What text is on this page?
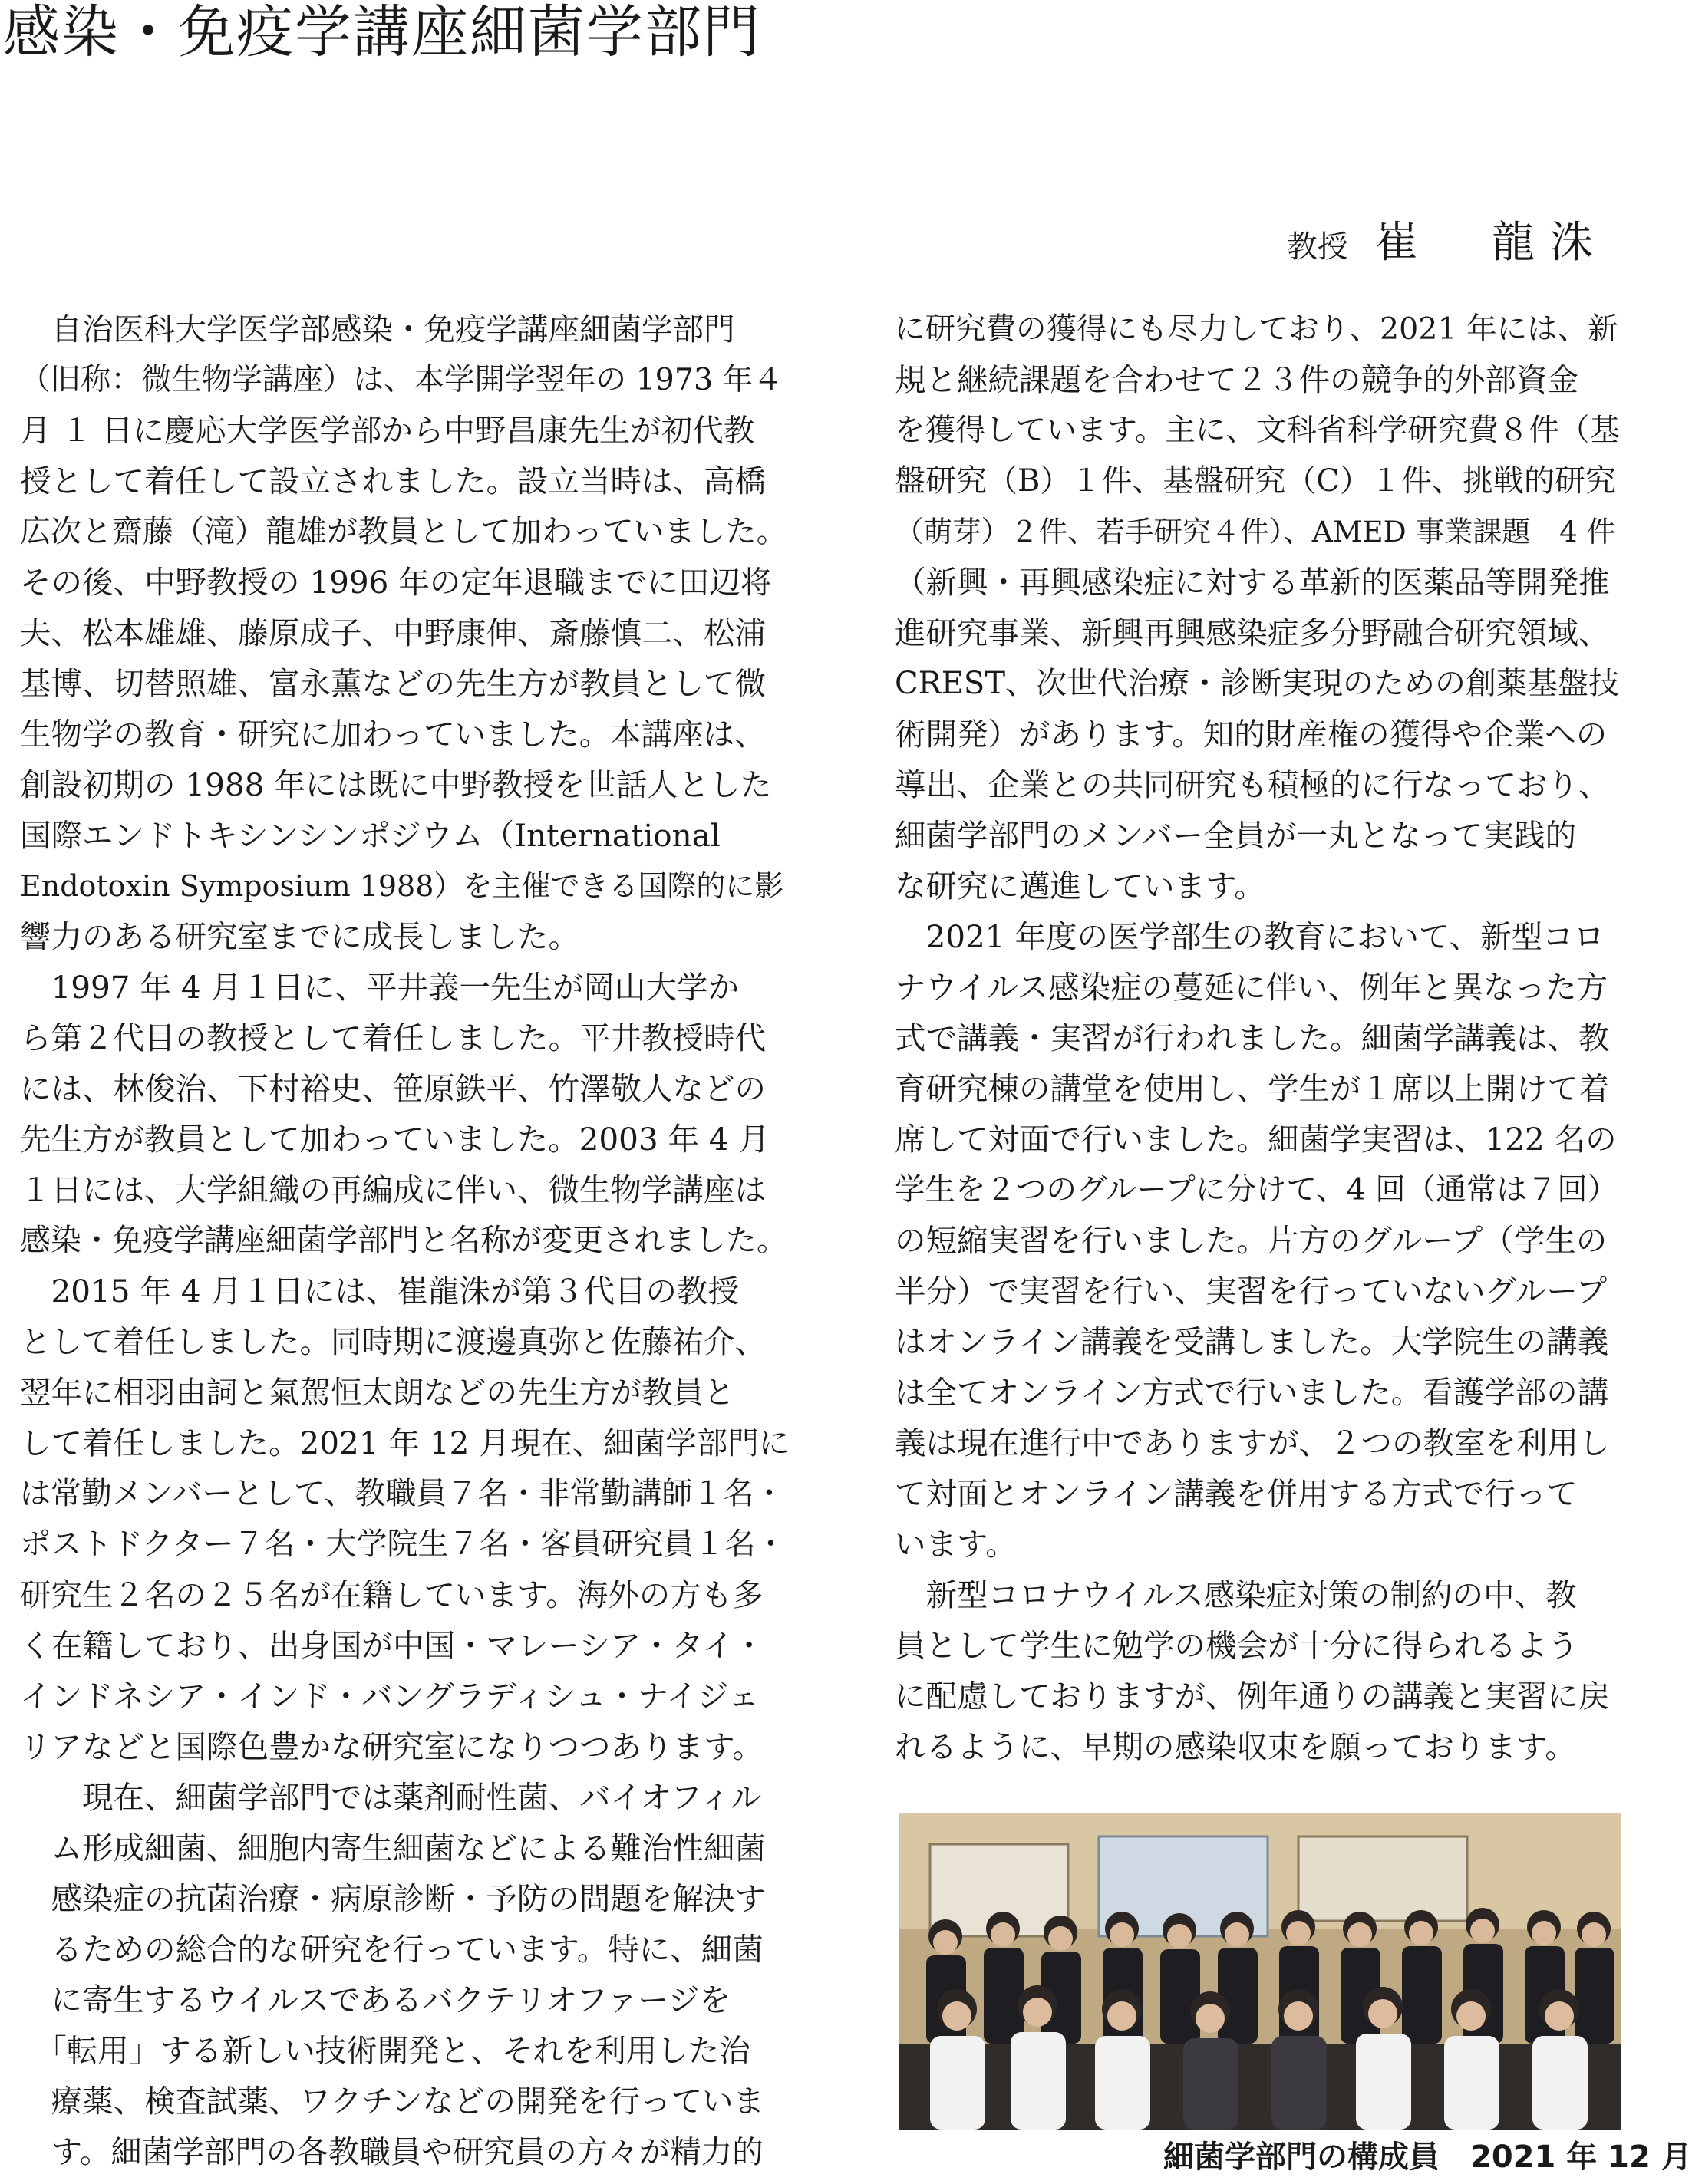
感染・免疫学講座細菌学部門
教授 崔　龍洙
　自治医科大学医学部感染・免疫学講座細菌学部門
（旧称：微生物学講座）は、本学開学翌年の 1973 年４
月 １ 日に慶応大学医学部から中野昌康先生が初代教
授として着任して設立されました。設立当時は、高橋
広次と齋藤（滝）龍雄が教員として加わっていました。
その後、中野教授の 1996 年の定年退職までに田辺将
夫、松本雄雄、藤原成子、中野康伸、斎藤慎二、松浦
基博、切替照雄、富永薫などの先生方が教員として微
生物学の教育・研究に加わっていました。本講座は、
創設初期の 1988 年には既に中野教授を世話人とした
国際エンドトキシンシンポジウム（International
Endotoxin Symposium 1988）を主催できる国際的に影
響力のある研究室までに成長しました。
　1997 年 4 月１日に、平井義一先生が岡山大学か
ら第２代目の教授として着任しました。平井教授時代
には、林俊治、下村裕史、笹原鉄平、竹澤敬人などの
先生方が教員として加わっていました。2003 年 4 月
１日には、大学組織の再編成に伴い、微生物学講座は
感染・免疫学講座細菌学部門と名称が変更されました。
　2015 年 4 月１日には、崔龍洙が第３代目の教授
として着任しました。同時期に渡邊真弥と佐藤祐介、
翌年に相羽由詞と氣駕恒太朗などの先生方が教員と
して着任しました。2021 年 12 月現在、細菌学部門に
は常勤メンバーとして、教職員７名・非常勤講師１名・
ポストドクター７名・大学院生７名・客員研究員１名・
研究生２名の２５名が在籍しています。海外の方も多
く在籍しており、出身国が中国・マレーシア・タイ・
インドネシア・インド・バングラディシュ・ナイジェ
リアなどと国際色豊かな研究室になりつつあります。
　　現在、細菌学部門では薬剤耐性菌、バイオフィル
　ム形成細菌、細胞内寄生細菌などによる難治性細菌
　感染症の抗菌治療・病原診断・予防の問題を解決す
　るための総合的な研究を行っています。特に、細菌
　に寄生するウイルスであるバクテリオファージを
　「転用」する新しい技術開発と、それを利用した治
　療薬、検査試薬、ワクチンなどの開発を行っていま
　す。細菌学部門の各教職員や研究員の方々が精力的
に研究費の獲得にも尽力しており、2021 年には、新
規と継続課題を合わせて２３件の競争的外部資金
を獲得しています。主に、文科省科学研究費８件（基
盤研究（B）１件、基盤研究（C）１件、挑戦的研究
（萌芽）２件、若手研究４件）、AMED 事業課題　4 件
（新興・再興感染症に対する革新的医薬品等開発推
進研究事業、新興再興感染症多分野融合研究領域、
CREST、次世代治療・診断実現のための創薬基盤技
術開発）があります。知的財産権の獲得や企業への
導出、企業との共同研究も積極的に行なっており、
細菌学部門のメンバー全員が一丸となって実践的
な研究に邁進しています。
　2021 年度の医学部生の教育において、新型コロ
ナウイルス感染症の蔓延に伴い、例年と異なった方
式で講義・実習が行われました。細菌学講義は、教
育研究棟の講堂を使用し、学生が１席以上開けて着
席して対面で行いました。細菌学実習は、122 名の
学生を２つのグループに分けて、4 回（通常は７回）
の短縮実習を行いました。片方のグループ（学生の
半分）で実習を行い、実習を行っていないグループ
はオンライン講義を受講しました。大学院生の講義
は全てオンライン方式で行いました。看護学部の講
義は現在進行中でありますが、２つの教室を利用し
て対面とオンライン講義を併用する方式で行って
います。
　新型コロナウイルス感染症対策の制約の中、教
員として学生に勉学の機会が十分に得られるよう
に配慮しておりますが、例年通りの講義と実習に戻
れるように、早期の感染収束を願っております。
細菌学部門の構成員 2021 年 12 月
